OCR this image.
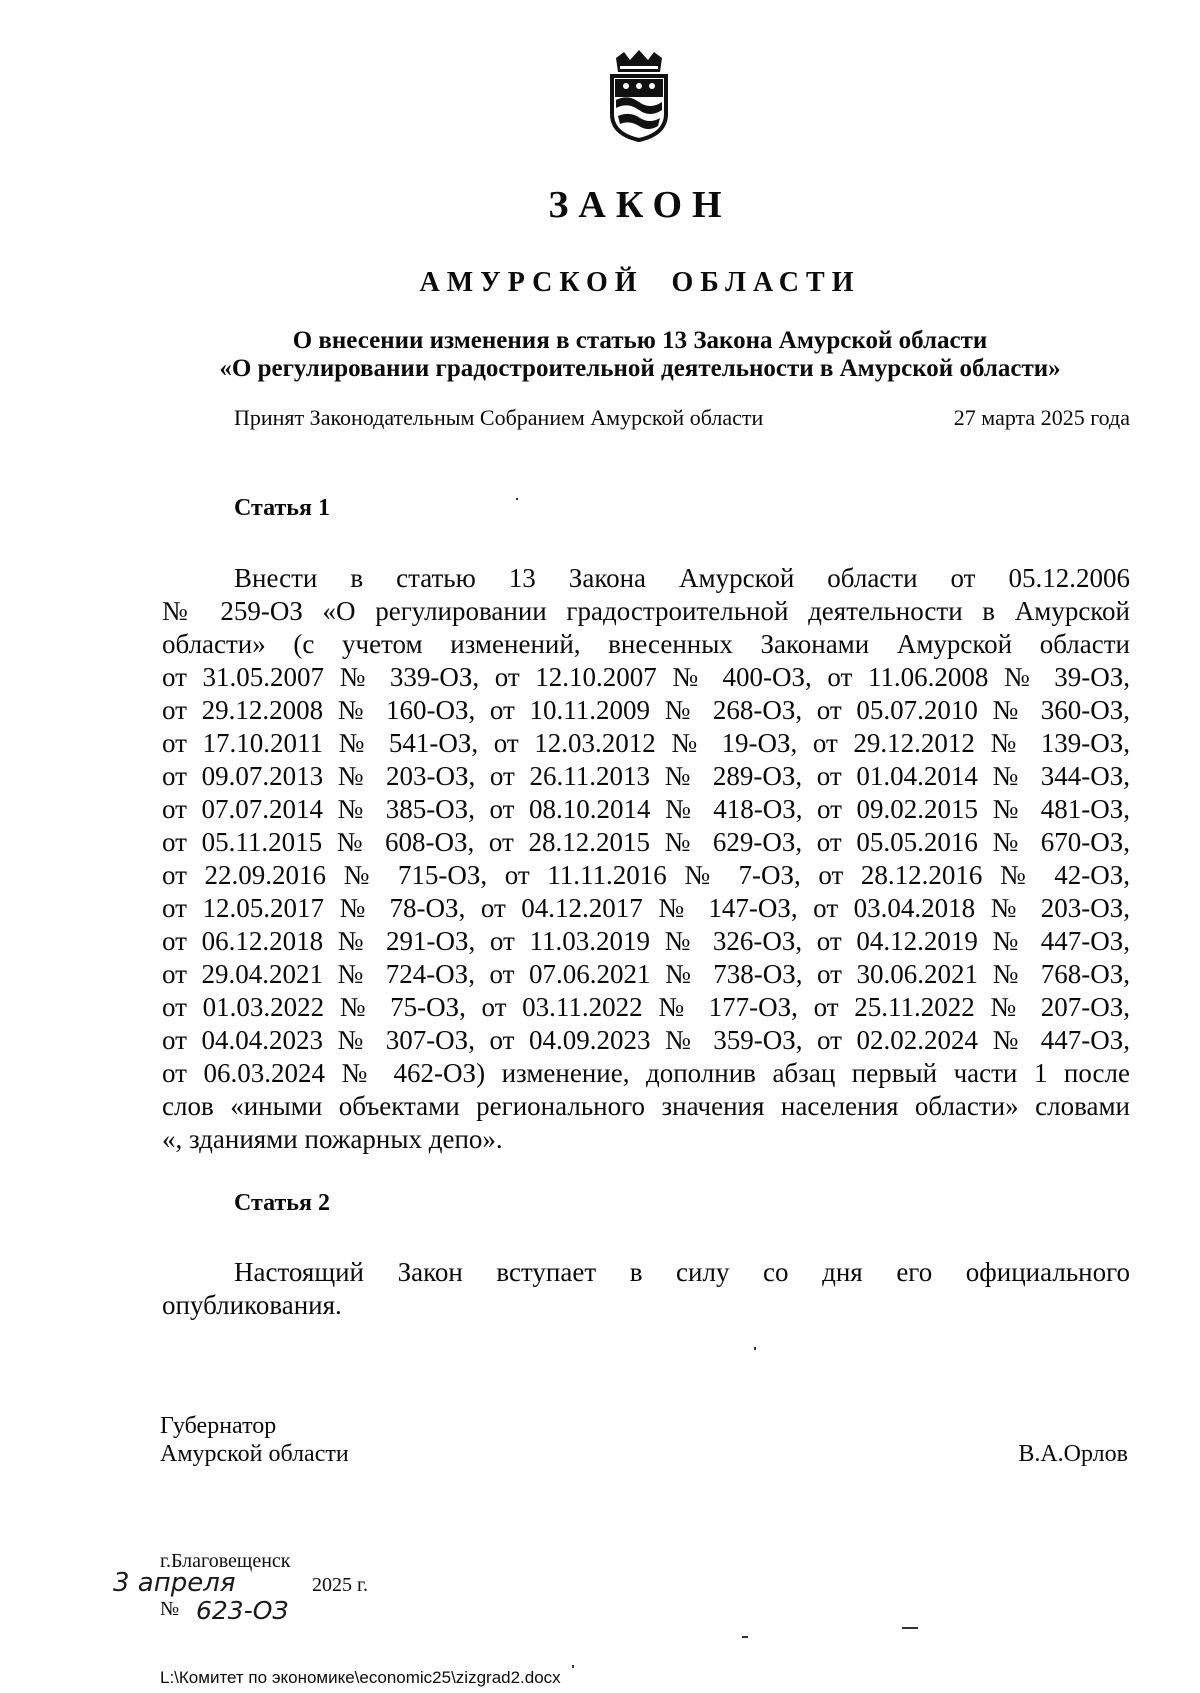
ЗАКОН
АМУРСКОЙ ОБЛАСТИ
О внесении изменения в статью 13 Закона Амурской области
«О регулировании градостроительной деятельности в Амурской области»
Принят Законодательным Собранием Амурской области	27 марта 2025 года
Статья 1
Внести в статью 13 Закона Амурской области от 05.12.2006
№ 259-ОЗ «О регулировании градостроительной деятельности в Амурской
области» (с учетом изменений, внесенных Законами Амурской области
от 31.05.2007 № 339-ОЗ, от 12.10.2007 № 400-ОЗ, от 11.06.2008 № 39-ОЗ,
от 29.12.2008 № 160-ОЗ, от 10.11.2009 № 268-ОЗ, от 05.07.2010 № 360-ОЗ,
от 17.10.2011 № 541-ОЗ, от 12.03.2012 № 19-ОЗ, от 29.12.2012 № 139-ОЗ,
от 09.07.2013 № 203-ОЗ, от 26.11.2013 № 289-ОЗ, от 01.04.2014 № 344-ОЗ,
от 07.07.2014 № 385-ОЗ, от 08.10.2014 № 418-ОЗ, от 09.02.2015 № 481-ОЗ,
от 05.11.2015 № 608-ОЗ, от 28.12.2015 № 629-ОЗ, от 05.05.2016 № 670-ОЗ,
от 22.09.2016 № 715-ОЗ, от 11.11.2016 № 7-ОЗ, от 28.12.2016 № 42-ОЗ,
от 12.05.2017 № 78-ОЗ, от 04.12.2017 № 147-ОЗ, от 03.04.2018 № 203-ОЗ,
от 06.12.2018 № 291-ОЗ, от 11.03.2019 № 326-ОЗ, от 04.12.2019 № 447-ОЗ,
от 29.04.2021 № 724-ОЗ, от 07.06.2021 № 738-ОЗ, от 30.06.2021 № 768-ОЗ,
от 01.03.2022 № 75-ОЗ, от 03.11.2022 № 177-ОЗ, от 25.11.2022 № 207-ОЗ,
от 04.04.2023 № 307-ОЗ, от 04.09.2023 № 359-ОЗ, от 02.02.2024 № 447-ОЗ,
от 06.03.2024 № 462-ОЗ) изменение, дополнив абзац первый части 1 после
слов «иными объектами регионального значения населения области» словами
«, зданиями пожарных депо».
Статья 2
Настоящий Закон вступает в силу со дня его официального
опубликования.
Губернатор
Амурской области	В.А.Орлов
г.Благовещенск
2025 г.
№
3 апреля
623-ОЗ
L:\Комитет по экономике\economic25\zizgrad2.docx
